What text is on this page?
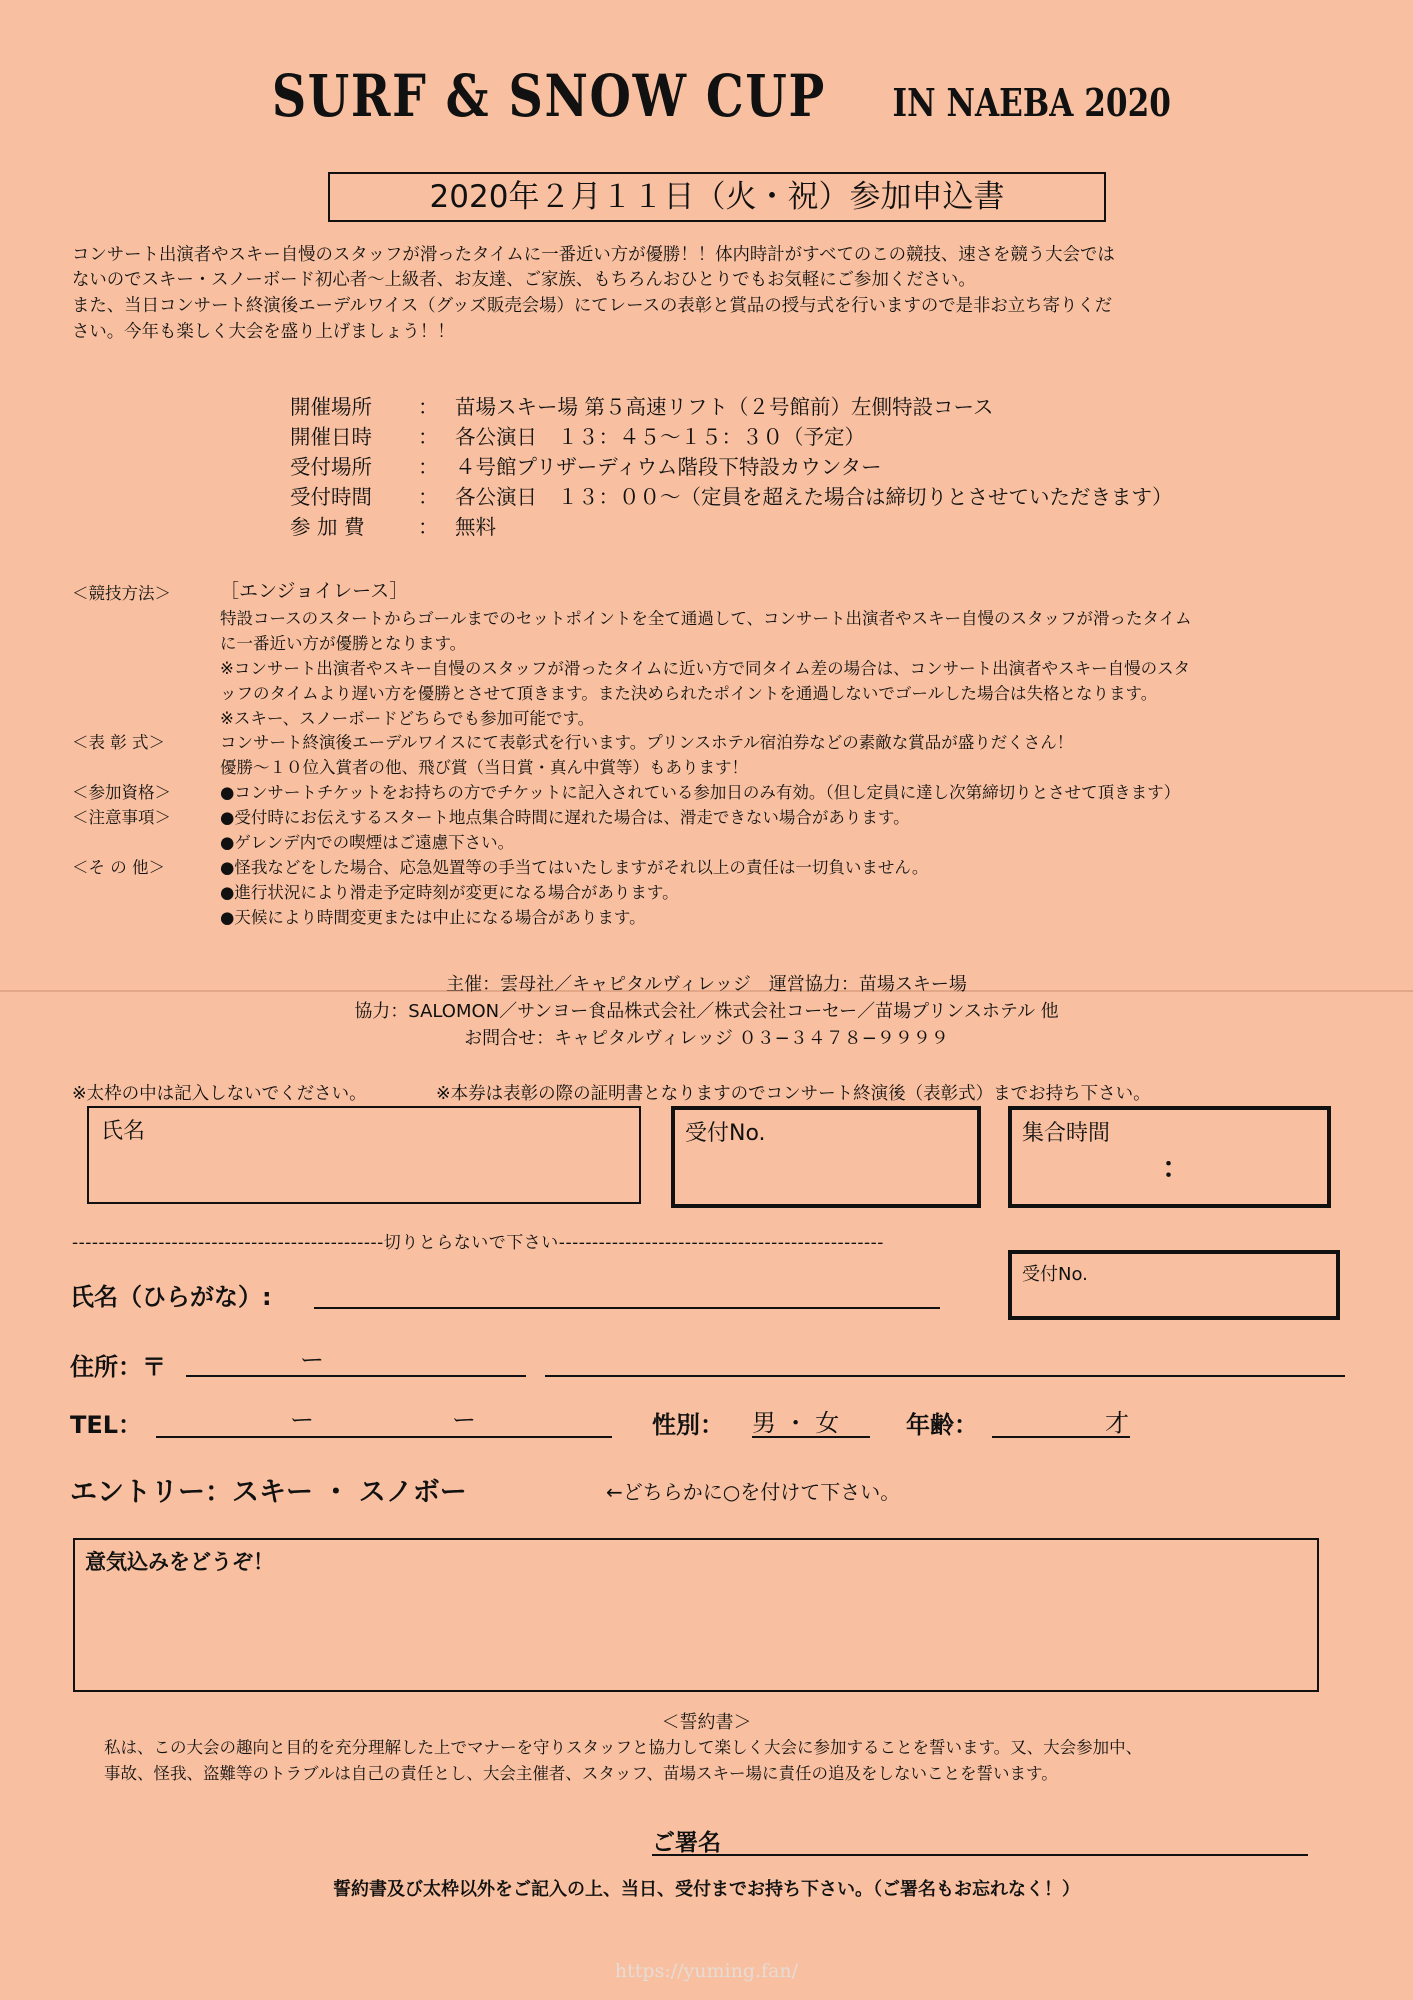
SURF & SNOW CUP IN NAEBA 2020
2020年２月１１日（火・祝）参加申込書
コンサート出演者やスキー自慢のスタッフが滑ったタイムに一番近い方が優勝！！体内時計がすべてのこの競技、速さを競う大会では
ないのでスキー・スノーボード初心者～上級者、お友達、ご家族、もちろんおひとりでもお気軽にご参加ください。
また、当日コンサート終演後エーデルワイス（グッズ販売会場）にてレースの表彰と賞品の授与式を行いますので是非お立ち寄りくだ
さい。今年も楽しく大会を盛り上げましょう！！
開催場所 ： 苗場スキー場 第５高速リフト（２号館前）左側特設コース
開催日時 ： 各公演日　１３：４５～１５：３０（予定）
受付場所 ： ４号館プリザーディウム階段下特設カウンター
受付時間 ： 各公演日　１３：００～（定員を超えた場合は締切りとさせていただきます）
参 加 費	： 無料
＜競技方法＞	［エンジョイレース］
特設コースのスタートからゴールまでのセットポイントを全て通過して、コンサート出演者やスキー自慢のスタッフが滑ったタイム
に一番近い方が優勝となります。
※コンサート出演者やスキー自慢のスタッフが滑ったタイムに近い方で同タイム差の場合は、コンサート出演者やスキー自慢のスタ
ッフのタイムより遅い方を優勝とさせて頂きます。また決められたポイントを通過しないでゴールした場合は失格となります。
※スキー、スノーボードどちらでも参加可能です。
＜表 彰 式＞	コンサート終演後エーデルワイスにて表彰式を行います。プリンスホテル宿泊券などの素敵な賞品が盛りだくさん！
優勝～１０位入賞者の他、飛び賞（当日賞・真ん中賞等）もあります！
＜参加資格＞	●コンサートチケットをお持ちの方でチケットに記入されている参加日のみ有効。（但し定員に達し次第締切りとさせて頂きます）
＜注意事項＞	●受付時にお伝えするスタート地点集合時間に遅れた場合は、滑走できない場合があります。
●ゲレンデ内での喫煙はご遠慮下さい。
＜そ の 他＞	●怪我などをした場合、応急処置等の手当てはいたしますがそれ以上の責任は一切負いません。
●進行状況により滑走予定時刻が変更になる場合があります。
●天候により時間変更または中止になる場合があります。
主催：雲母社／キャピタルヴィレッジ　運営協力：苗場スキー場
協力：SALOMON／サンヨー食品株式会社／株式会社コーセー／苗場プリンスホテル 他
お問合せ：キャピタルヴィレッジ ０３−３４７８−９９９９
※太枠の中は記入しないでください。	※本券は表彰の際の証明書となりますのでコンサート終演後（表彰式）までお持ち下さい。
氏名	受付No.	集合時間
：
-----------------------------------------------切りとらないで下さい-------------------------------------------------
受付No.
氏名（ひらがな）:
住所：〒	ー
TEL：	ー	ー	性別： 男 ・ 女	年齢：	才
エントリー：スキー ・ スノボー	←どちらかに○を付けて下さい。
意気込みをどうぞ！
＜誓約書＞
私は、この大会の趣向と目的を充分理解した上でマナーを守りスタッフと協力して楽しく大会に参加することを誓います。又、大会参加中、
事故、怪我、盗難等のトラブルは自己の責任とし、大会主催者、スタッフ、苗場スキー場に責任の追及をしないことを誓います。
ご署名
誓約書及び太枠以外をご記入の上、当日、受付までお持ち下さい。（ご署名もお忘れなく！）
https://yuming.fan/
